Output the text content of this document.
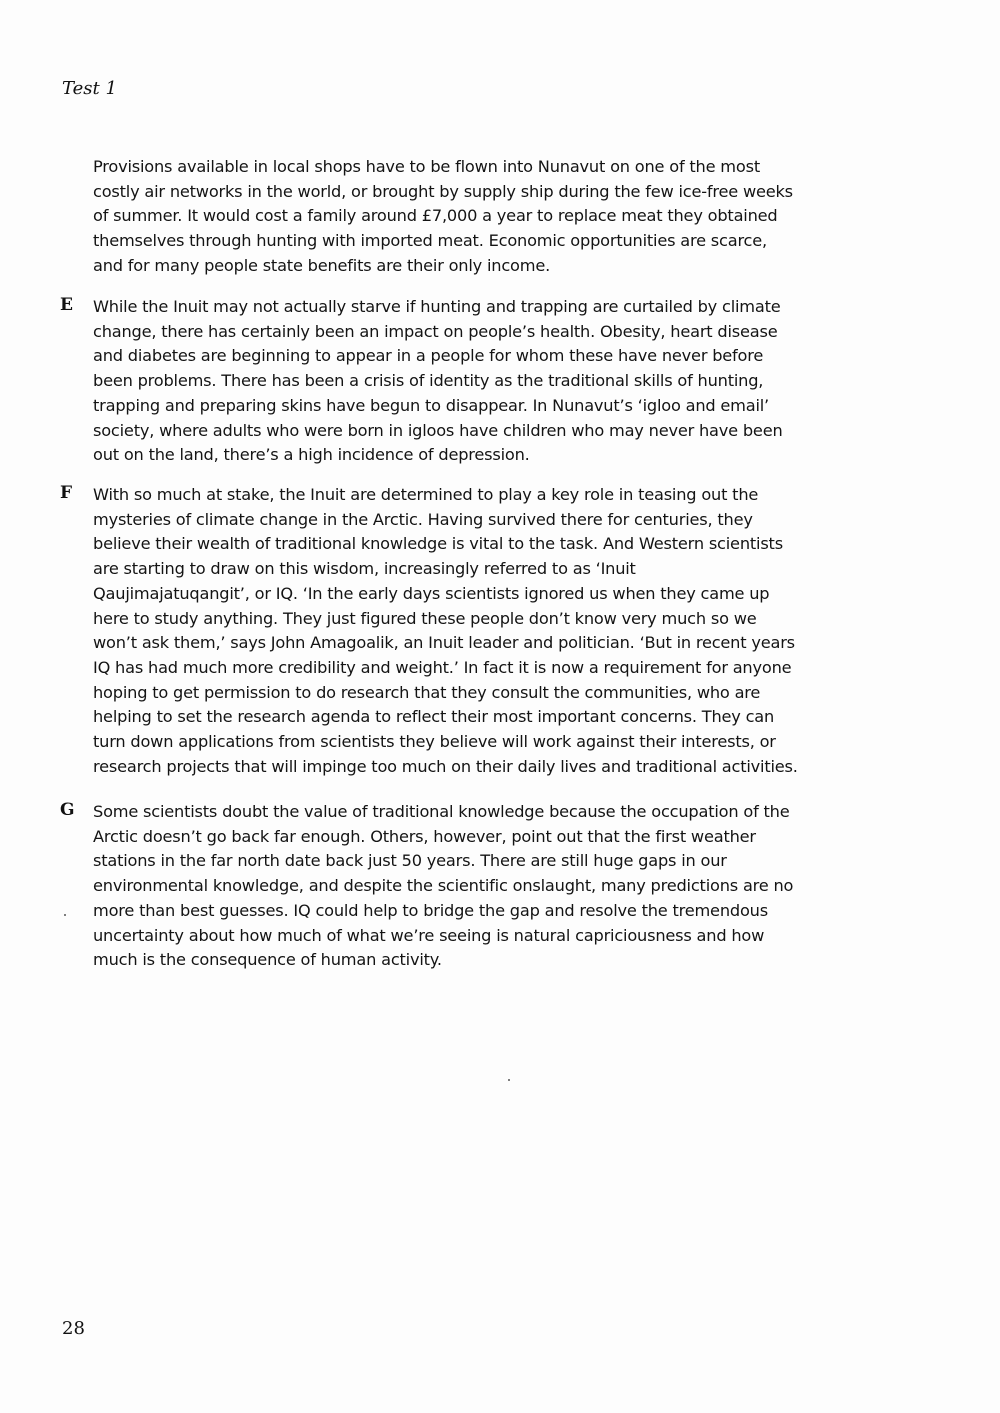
Test 1
Provisions available in local shops have to be flown into Nunavut on one of the most
costly air networks in the world, or brought by supply ship during the few ice-free weeks
of summer. It would cost a family around £7,000 a year to replace meat they obtained
themselves through hunting with imported meat. Economic opportunities are scarce,
and for many people state benefits are their only income.
E While the Inuit may not actually starve if hunting and trapping are curtailed by climate
change, there has certainly been an impact on people’s health. Obesity, heart disease
and diabetes are beginning to appear in a people for whom these have never before
been problems. There has been a crisis of identity as the traditional skills of hunting,
trapping and preparing skins have begun to disappear. In Nunavut’s ‘igloo and email’
society, where adults who were born in igloos have children who may never have been
out on the land, there’s a high incidence of depression.
F With so much at stake, the Inuit are determined to play a key role in teasing out the
mysteries of climate change in the Arctic. Having survived there for centuries, they
believe their wealth of traditional knowledge is vital to the task. And Western scientists
are starting to draw on this wisdom, increasingly referred to as ‘Inuit
Qaujimajatuqangit’, or IQ. ‘In the early days scientists ignored us when they came up
here to study anything. They just figured these people don’t know very much so we
won’t ask them,’ says John Amagoalik, an Inuit leader and politician. ‘But in recent years
IQ has had much more credibility and weight.’ In fact it is now a requirement for anyone
hoping to get permission to do research that they consult the communities, who are
helping to set the research agenda to reflect their most important concerns. They can
turn down applications from scientists they believe will work against their interests, or
research projects that will impinge too much on their daily lives and traditional activities.
G Some scientists doubt the value of traditional knowledge because the occupation of the
Arctic doesn’t go back far enough. Others, however, point out that the first weather
stations in the far north date back just 50 years. There are still huge gaps in our
environmental knowledge, and despite the scientific onslaught, many predictions are no
more than best guesses. IQ could help to bridge the gap and resolve the tremendous
uncertainty about how much of what we’re seeing is natural capriciousness and how
much is the consequence of human activity.
28
